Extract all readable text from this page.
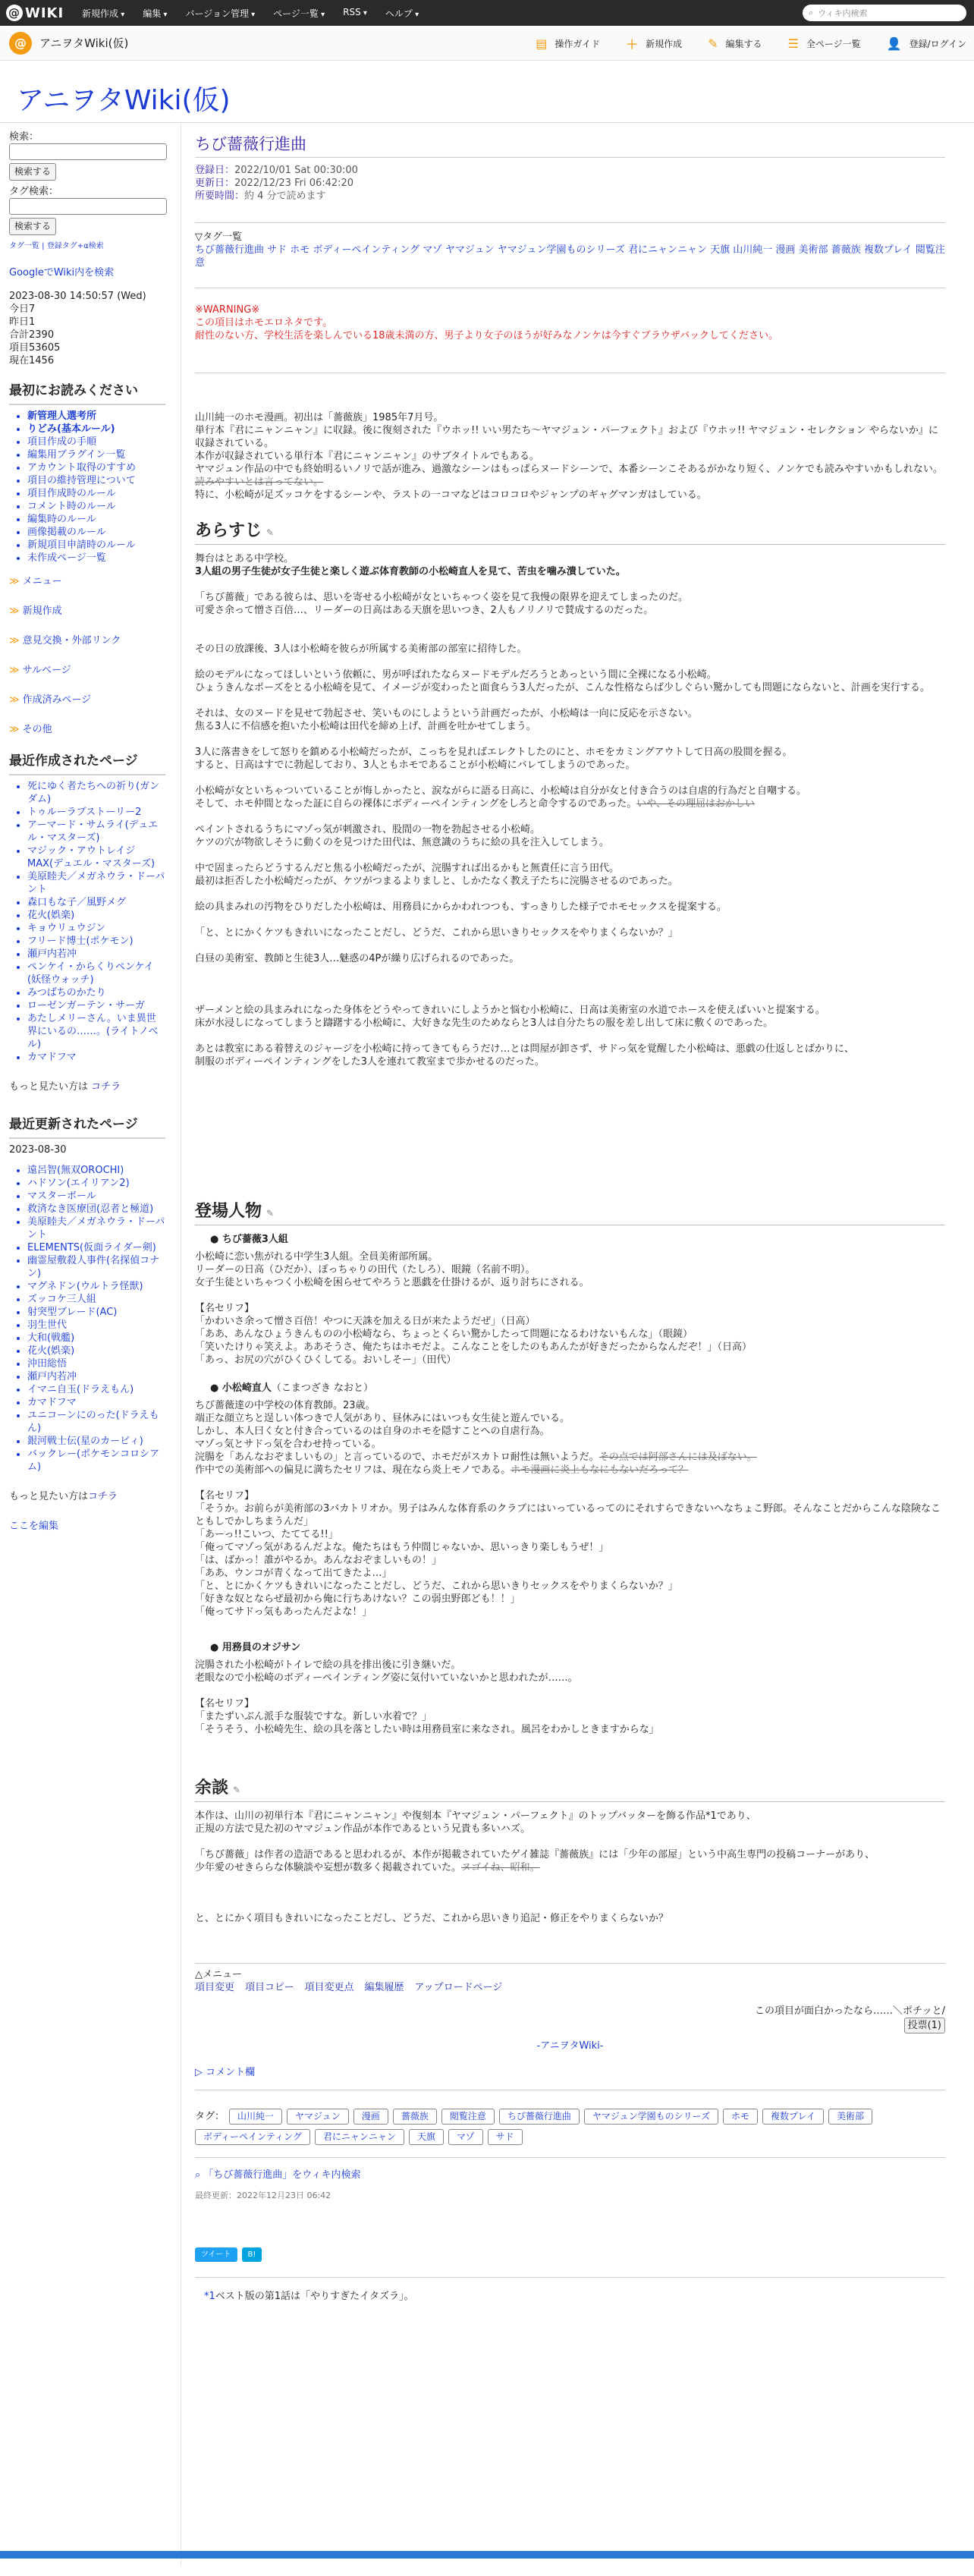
@ WIKI 新規作成 ▾	編集 ▾	バージョン管理 ▾	ページ一覧 ▾	RSS ▾	ヘルプ ▾	⌕ ウィキ内検索
@	アニヲタWiki(仮)	▤ 操作ガイド ＋ 新規作成 ✎ 編集する ☰ 全ページ一覧 👤 登録/ログイン
アニヲタWiki(仮)
検索：
検索する
タグ検索：
検索する
タグ一覧 | 登録タグ+α検索
GoogleでWiki内を検索
2023-08-30 14:50:57 (Wed)
今日7
昨日1
合計2390
項目53605
現在1456
最初にお読みください
• 新管理人選考所
• りどみ(基本ルール)
• 項目作成の手順
• 編集用ブラグイン一覧
• アカウント取得のすすめ
• 項目の維持管理について
• 項目作成時のルール
• コメント時のルール
• 編集時のルール
• 画像掲載のルール
• 新規項目申請時のルール
• 未作成ページ一覧
≫ メニュー
≫ 新規作成
≫ 意見交換・外部リンク
≫ サルベージ
≫ 作成済みページ
≫ その他
最近作成されたページ
• 死にゆく者たちへの祈り(ガンダム)
• トゥルーラブストーリー2
• アーマード・サムライ(デュエル・マスターズ)
• マジック・アウトレイジMAX(デュエル・マスターズ)
• 美原睦夫／メガネウラ・ドーパント
• 森口もな子／風野メグ
• 花火(娯楽)
• キョウリュウジン
• フリード博士(ポケモン)
• 瀬戸内若冲
• ペンケイ・からくりペンケイ(妖怪ウォッチ)
• みつばちのかたり
• ローゼンガーテン・サーガ
• あたしメリーさん。いま異世界にいるの……。(ライトノベル)
• カマドフマ
もっと見たい方は コチラ
最近更新されたページ
2023-08-30
• 遠呂智(無双OROCHI)
• ハドソン(エイリアン2)
• マスターボール
• 救済なき医療団(忍者と極道)
• 美原睦夫／メガネウラ・ドーパント
• ELEMENTS(仮面ライダー剣)
• 幽霊屋敷殺人事件(名探偵コナン)
• マグネドン(ウルトラ怪獣)
• ズッコケ三人組
• 射突型ブレード(AC)
• 羽生世代
• 大和(戦艦)
• 花火(娯楽)
• 沖田総悟
• 瀬戸内若冲
• イマニ自玉(ドラえもん)
• カマドフマ
• ユニコーンにのった(ドラえもん)
• 銀河戦士伝(星のカービィ)
• バックレー(ポケモンコロシアム)
もっと見たい方はコチラ
ここを編集
ちび薔薇行進曲
登録日：2022/10/01 Sat 00:30:00
更新日：2022/12/23 Fri 06:42:20
所要時間：約 4 分で読めます
▽タグ一覧
ちび薔薇行進曲 サド ホモ ボディーペインティング マゾ ヤマジュン ヤマジュン学園ものシリーズ 君にニャンニャン 天旗 山川純一 漫画 美術部 薔薇族 複数プレイ 閲覧注意
※WARNING※
この項目はホモエロネタです。
耐性のない方、学校生活を楽しんでいる18歳未満の方、男子より女子のほうが好みなノンケは今すぐブラウザバックしてください。
山川純一のホモ漫画。初出は「薔薇族」1985年7月号。
単行本『君にニャンニャン』に収録。後に復刻された『ウホッ!! いい男たち〜ヤマジュン・パーフェクト』および『ウホッ!! ヤマジュン・セレクション やらないか』に収録されている。
本作が収録されている単行本『君にニャンニャン』のサブタイトルでもある。
ヤマジュン作品の中でも終始明るいノリで話が進み、過激なシーンはもっぱらヌードシーンで、本番シーンこそあるがかなり短く、ノンケでも読みやすいかもしれない。読みやすいとは言ってない。
特に、小松崎が足ズッコケをするシーンや、ラストの一コマなどはコロコロやジャンプのギャグマンガはしている。
あらすじ ✎
舞台はとある中学校。
3人組の男子生徒が女子生徒と楽しく遊ぶ体育教師の小松崎直人を見て、苦虫を噛み潰していた。
「ちび薔薇」である彼らは、思いを寄せる小松崎が女といちゃつく姿を見て我慢の限界を迎えてしまったのだ。
可愛さ余って憎さ百倍…、リーダーの日高はある天旗を思いつき、2人もノリノリで賛成するのだった。
その日の放課後、3人は小松崎を彼らが所属する美術部の部室に招待した。
絵のモデルになってほしいという依頼に、男が呼ばれたならヌードモデルだろうとあっという間に全裸になる小松崎。
ひょうきんなポーズをとる小松崎を見て、イメージが変わったと面食らう3人だったが、こんな性格ならば少しぐらい驚かしても問題にならないと、計画を実行する。
それは、女のヌードを見せて勃起させ、笑いものにしようという計画だったが、小松崎は一向に反応を示さない。
焦る3人に不信感を抱いた小松崎は田代を締め上げ、計画を吐かせてしまう。
3人に落書きをして怒りを鎮める小松崎だったが、こっちを見ればエレクトしたのにと、ホモをカミングアウトして日高の股間を握る。
すると、日高はすでに勃起しており、3人ともホモであることが小松崎にバレてしまうのであった。
小松崎が女といちゃついていることが悔しかったと、涙ながらに語る日高に、小松崎は自分が女と付き合うのは自虐的行為だと自嘲する。
そして、ホモ仲間となった証に自らの裸体にボディーペインティングをしろと命令するのであった。いや、その理屈はおかしい
ペイントされるうちにマゾっ気が刺激され、股間の一物を勃起させる小松崎。
ケツの穴が物欲しそうに動くのを見つけた田代は、無意識のうちに絵の具を注入してしまう。
中で固まったらどうするんだと焦る小松崎だったが、浣腸すれば出るかもと無責任に言う田代。
最初は拒否した小松崎だったが、ケツがつまるよりましと、しかたなく教え子たちに浣腸させるのであった。
絵の具まみれの汚物をひりだした小松崎は、用務員にからかわれつつも、すっきりした様子でホモセックスを提案する。
「と、とにかくケツもきれいになったことだし、どうだ、これから思いきりセックスをやりまくらないか？」
白昼の美術室、教師と生徒3人…魅惑の4Pが繰り広げられるのであった。
ザーメンと絵の具まみれになった身体をどうやってきれいにしようかと悩む小松崎に、日高は美術室の水道でホースを使えばいいと提案する。
床が水浸しになってしまうと躊躇する小松崎に、大好きな先生のためならと3人は自分たちの服を差し出して床に敷くのであった。
あとは教室にある着替えのジャージを小松崎に持ってきてもらうだけ…とは問屋が卸さず、サドっ気を覚醒した小松崎は、悪戯の仕返しとばかりに、
制服のボディーペインティングをした3人を連れて教室まで歩かせるのだった。
登場人物 ✎
● ちび薔薇3人組
小松崎に恋い焦がれる中学生3人組。全員美術部所属。
リーダーの日高（ひだか）、ぽっちゃりの田代（たしろ）、眼鏡（名前不明）。
女子生徒といちゃつく小松崎を困らせてやろうと悪戯を仕掛けるが、返り討ちにされる。
【名セリフ】
「かわいさ余って憎さ百倍！やつに天誅を加える日が来たようだぜ」（日高）
「ああ、あんなひょうきんものの小松崎なら、ちょっとくらい驚かしたって問題になるわけないもんな」（眼鏡）
「笑いたけりゃ笑えよ。ああそうさ、俺たちはホモだよ。こんなことをしたのもあんたが好きだったからなんだぞ！」（日高）
「あっ、お尻の穴がひくひくしてる。おいしそー」（田代）
● 小松崎直人（こまつざき なおと）
ちび薔薇達の中学校の体育教師。23歳。
端正な顔立ちと逞しい体つきで人気があり、昼休みにはいつも女生徒と遊んでいる。
しかし、本人曰く女と付き合っているのは自身のホモを隠すことへの自虐行為。
マゾっ気とサドっ気を合わせ持っている。
浣腸を「あんなおぞましいもの」と言っているので、ホモだがスカトロ耐性は無いようだ。その点では阿部さんには及ばない。
作中での美術部への偏見に満ちたセリフは、現在なら炎上モノである。ホモ漫画に炎上もなにもないだろって？
【名セリフ】
「そうか。お前らが美術部の3バカトリオか。男子はみんな体育系のクラブにはいっているってのにそれすらできないへなちょこ野郎。そんなことだからこんな陰険なこともしでかしちまうんだ」
「あーっ!!こいつ、たててる!!」
「俺ってマゾっ気があるんだよな。俺たちはもう仲間じゃないか、思いっきり楽しもうぜ！」
「は、ばかっ！誰がやるか。あんなおぞましいもの！」
「ああ、ウンコが青くなって出てきたよ…」
「と、とにかくケツもきれいになったことだし、どうだ、これから思いきりセックスをやりまくらないか？」
「好きな奴とならぜ最初から俺に行ちあけない？この弱虫野郎ども！！」
「俺ってサドっ気もあったんだよな！」
● 用務員のオジサン
浣腸された小松崎がトイレで絵の具を排出後に引き継いだ。
老眼なので小松崎のボディーペインティング姿に気付いていないかと思われたが……。
【名セリフ】
「またずいぶん派手な服装ですな。新しい水着で？」
「そうそう、小松崎先生、絵の具を落としたい時は用務員室に来なされ。風呂をわかしときますからな」
余談 ✎
本作は、山川の初単行本『君にニャンニャン』や復刻本『ヤマジュン・パーフェクト』のトップバッターを飾る作品*1であり、
正規の方法で見た初のヤマジュン作品が本作であるという兄貴も多いハズ。
「ちび薔薇」は作者の造語であると思われるが、本作が掲載されていたゲイ雑誌『薔薇族』には「少年の部屋」という中高生専門の投稿コーナーがあり、
少年愛のせきららな体験談や妄想が数多く掲載されていた。ヌゴイね、昭和。
と、とにかく項目もきれいになったことだし、どうだ、これから思いきり追記・修正をやりまくらないか？
△メニュー
項目変更 項目コピー 項目変更点 編集履歴 アップロードページ
この項目が面白かったなら……＼ポチッと/
投票(1)
-アニヲタWiki-
▷ コメント欄
タグ：	山川純一	ヤマジュン	漫画	薔薇族	閲覧注意	ちび薔薇行進曲	ヤマジュン学園ものシリーズ	ホモ	複数プレイ	美術部
ボディーペインティング	君にニャンニャン	天旗	マゾ	サド
⌕ 「ちび薔薇行進曲」をウィキ内検索
最終更新：2022年12月23日 06:42
ツイート	B!
*1ベスト版の第1話は「やりすぎたイタズラ」。
